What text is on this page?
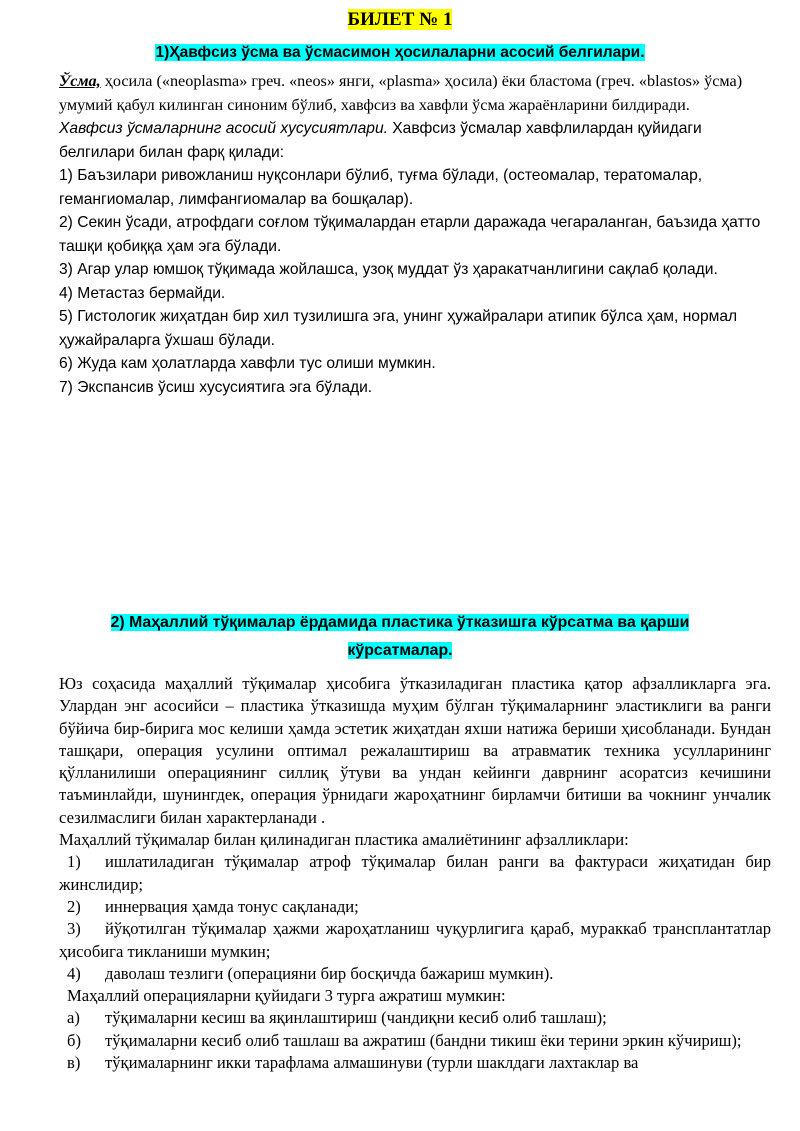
БИЛЕТ № 1
1)Ҳавфсиз ўсма ва ўсмасимон ҳосилаларни асосий белгилари.

Ўсма, ҳосила («neoplasma» греч. «neos» янги, «plasma» ҳосила) ёки бластома (греч. «blastos» ўсма) умумий қабул килинган синоним бўлиб, хавфсиз ва хавфли ўсма жараёнларини билдиради.

Хавфсиз ўсмаларнинг асосий хусусиятлари. Хавфсиз ўсмалар хавфлилардан қуйидаги белгилари билан фарқ қилади:

1) Баъзилари ривожланиш нуқсонлари бўлиб, туғма бўлади, (остеомалар, тератомалар, гемангиомалар, лимфангиомалар ва бошқалар).

2) Секин ўсади, атрофдаги соғлом тўқималардан етарли даражада чегараланган, баъзида ҳатто ташқи қобиққа ҳам эга бўлади.

3) Агар улар юмшоқ тўқимада жойлашса, узоқ муддат ўз ҳаракатчанлигини сақлаб қолади.

4) Метастаз бермайди.

5) Гистологик жиҳатдан бир хил тузилишга эга, унинг ҳужайралари атипик бўлса ҳам, нормал ҳужайраларга ўхшаш бўлади.

6) Жуда кам ҳолатларда хавфли тус олиши мумкин.

7) Экспансив ўсиш хусусиятига эга бўлади.

2) Маҳаллий тўқималар ёрдамида пластика ўтказишга кўрсатма ва қарши
кўрсатмалар.

Юз соҳасида маҳаллий тўқималар ҳисобига ўтказиладиган пластика қатор афзалликларга эга. Улардан энг асосийси – пластика ўтказишда муҳим бўлган тўқималарнинг эластиклиги ва ранги бўйича бир-бирига мос келиши ҳамда эстетик жиҳатдан яхши натижа бериши ҳисобланади. Бундан ташқари, операция усулини оптимал режалаштириш ва атравматик техника усулларининг қўлланилиши операциянинг силлиқ ўтуви ва ундан кейинги даврнинг асоратсиз кечишини таъминлайди, шунингдек, операция ўрнидаги жароҳатнинг бирламчи битиши ва чокнинг унчалик сезилмаслиги билан характерланади .

Маҳаллий тўқималар билан қилинадиган пластика амалиётининг афзалликлари:

1) ишлатиладиган тўқималар атроф тўқималар билан ранги ва фактураси жиҳатидан бир жинслидир;

2) иннервация ҳамда тонус сақланади;

3) йўқотилган тўқималар ҳажми жароҳатланиш чуқурлигига қараб, мураккаб трансплантатлар ҳисобига тикланиши мумкин;

4) даволаш тезлиги (операцияни бир босқичда бажариш мумкин).

Маҳаллий операцияларни қуйидаги 3 турга ажратиш мумкин:

а) тўқималарни кесиш ва яқинлаштириш (чандиқни кесиб олиб ташлаш);

б) тўқималарни кесиб олиб ташлаш ва ажратиш (бандни тикиш ёки терини эркин кўчириш);

в) тўқималарнинг икки тарафлама алмашинуви (турли шаклдаги лахтаклар ва
